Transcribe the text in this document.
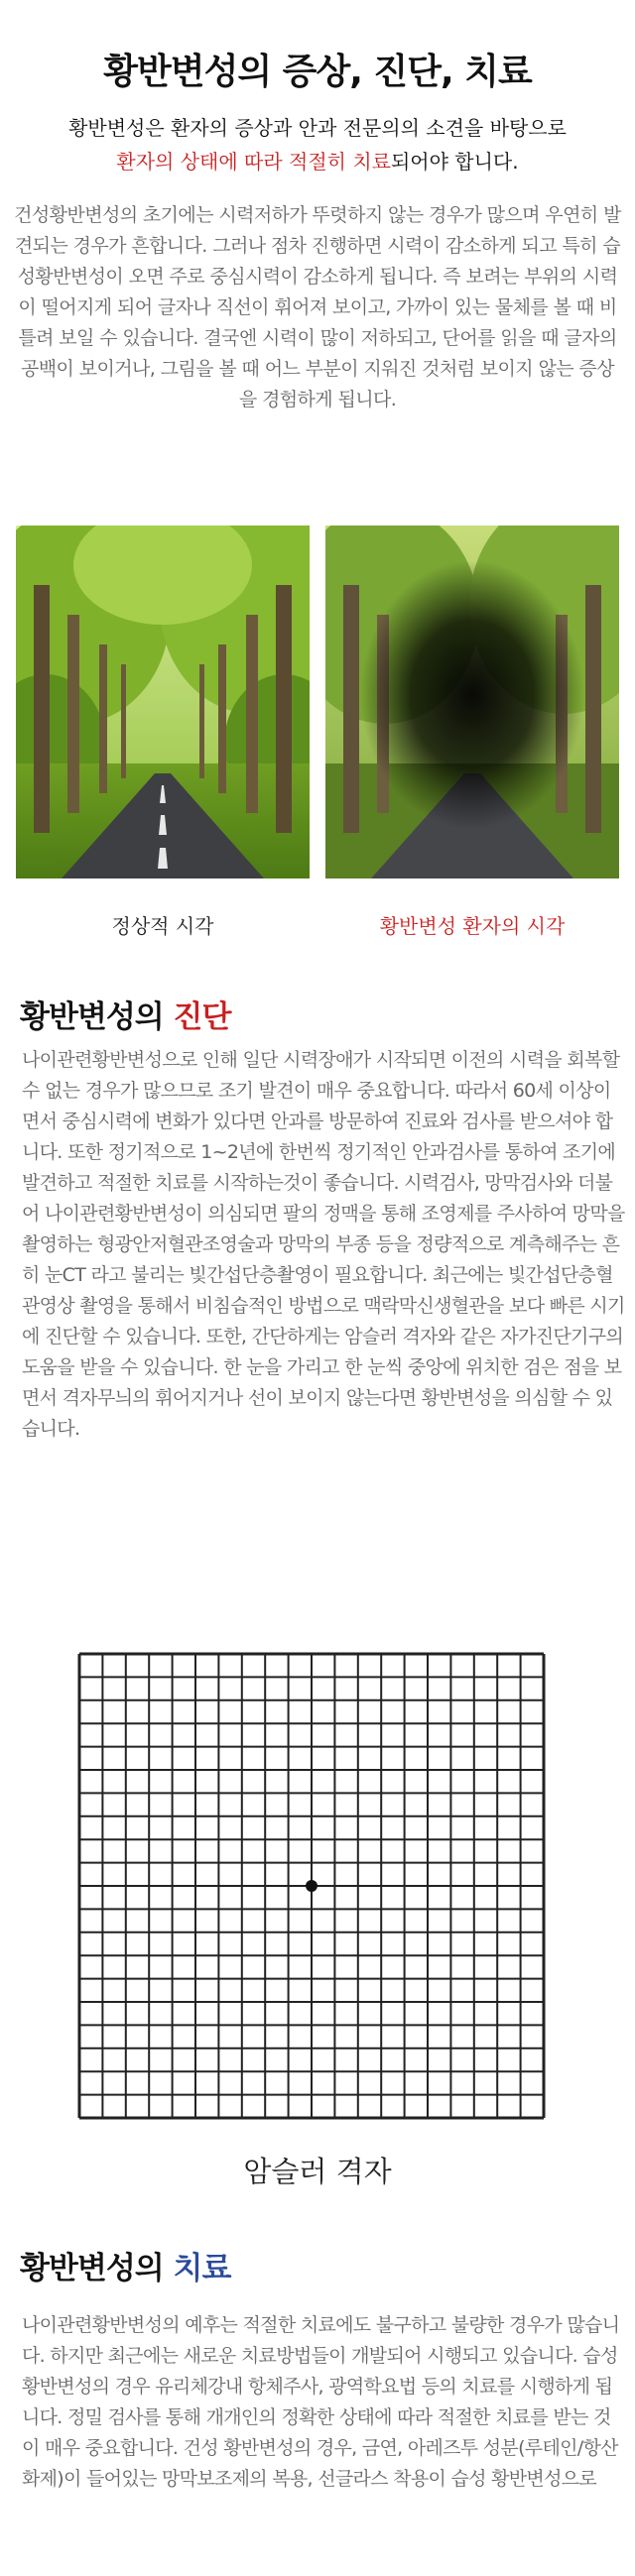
황반변성의 증상, 진단, 치료

황반변성은 환자의 증상과 안과 전문의의 소견을 바탕으로
환자의 상태에 따라 적절히 치료되어야 합니다.

건성황반변성의 초기에는 시력저하가 뚜렷하지 않는 경우가 많으며 우연히 발견되는 경우가 흔합니다. 그러나 점차 진행하면 시력이 감소하게 되고 특히 습성황반변성이 오면 주로 중심시력이 감소하게 됩니다. 즉 보려는 부위의 시력이 떨어지게 되어 글자나 직선이 휘어져 보이고, 가까이 있는 물체를 볼 때 비틀려 보일 수 있습니다. 결국엔 시력이 많이 저하되고, 단어를 읽을 때 글자의 공백이 보이거나, 그림을 볼 때 어느 부분이 지워진 것처럼 보이지 않는 증상을 경험하게 됩니다.

정상적 시각	황반변성 환자의 시각

황반변성의 진단

나이관련황반변성으로 인해 일단 시력장애가 시작되면 이전의 시력을 회복할 수 없는 경우가 많으므로 조기 발견이 매우 중요합니다. 따라서 60세 이상이면서 중심시력에 변화가 있다면 안과를 방문하여 진료와 검사를 받으셔야 합니다. 또한 정기적으로 1~2년에 한번씩 정기적인 안과검사를 통하여 조기에 발견하고 적절한 치료를 시작하는것이 좋습니다. 시력검사, 망막검사와 더불어 나이관련황반변성이 의심되면 팔의 정맥을 통해 조영제를 주사하여 망막을 촬영하는 형광안저혈관조영술과 망막의 부종 등을 정량적으로 계측해주는 흔히 눈CT 라고 불리는 빛간섭단층촬영이 필요합니다. 최근에는 빛간섭단층혈관영상 촬영을 통해서 비침습적인 방법으로 맥락막신생혈관을 보다 빠른 시기에 진단할 수 있습니다. 또한, 간단하게는 암슬러 격자와 같은 자가진단기구의 도움을 받을 수 있습니다. 한 눈을 가리고 한 눈씩 중앙에 위치한 검은 점을 보면서 격자무늬의 휘어지거나 선이 보이지 않는다면 황반변성을 의심할 수 있습니다.

암슬러 격자

황반변성의 치료

나이관련황반변성의 예후는 적절한 치료에도 불구하고 불량한 경우가 많습니다. 하지만 최근에는 새로운 치료방법들이 개발되어 시행되고 있습니다. 습성 황반변성의 경우 유리체강내 항체주사, 광역학요법 등의 치료를 시행하게 됩니다. 정밀 검사를 통해 개개인의 정확한 상태에 따라 적절한 치료를 받는 것이 매우 중요합니다. 건성 황반변성의 경우, 금연, 아레즈투 성분(루테인/항산화제)이 들어있는 망막보조제의 복용, 선글라스 착용이 습성 황반변성으로
